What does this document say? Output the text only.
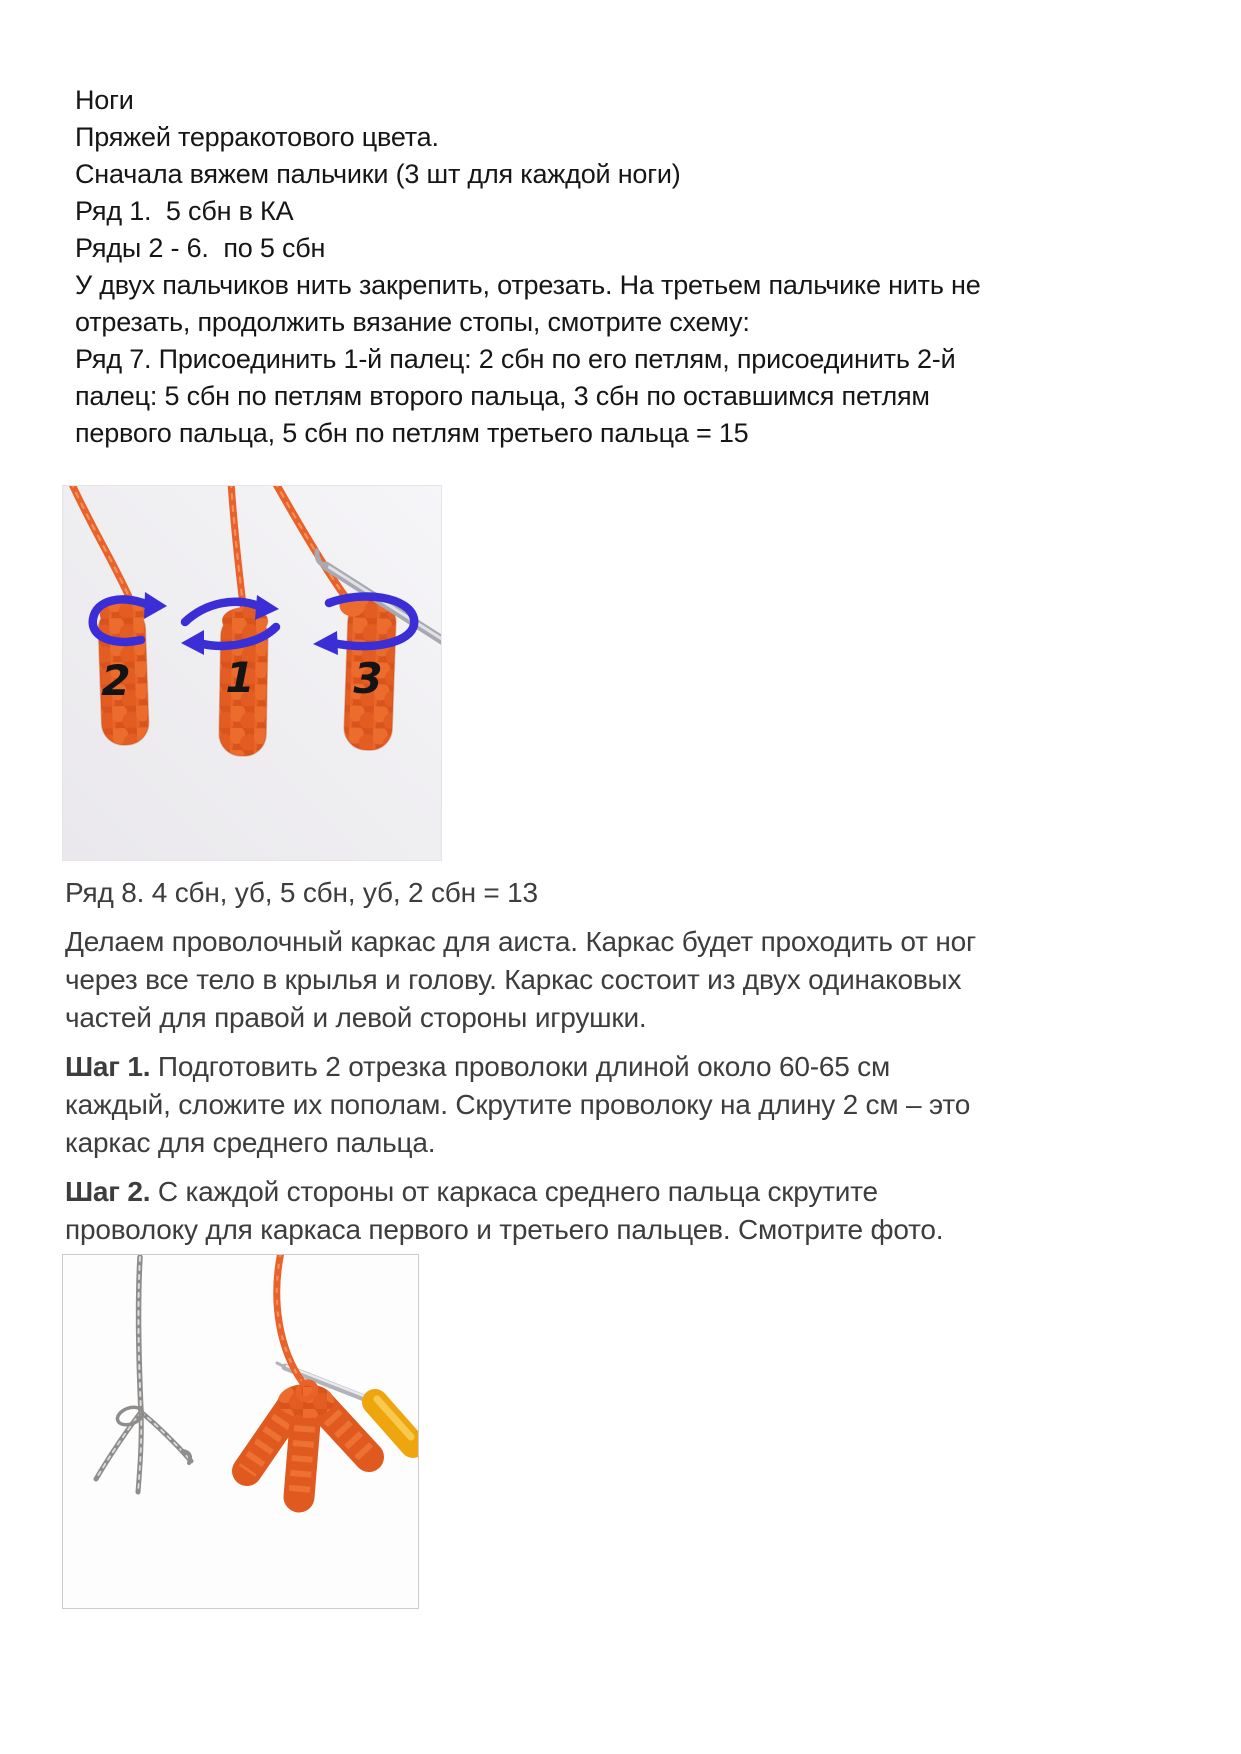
Ноги
Пряжей терракотового цвета.
Сначала вяжем пальчики (3 шт для каждой ноги)
Ряд 1.  5 сбн в КА
Ряды 2 - 6.  по 5 сбн
У двух пальчиков нить закрепить, отрезать. На третьем пальчике нить не
отрезать, продолжить вязание стопы, смотрите схему:
Ряд 7. Присоединить 1-й палец: 2 сбн по его петлям, присоединить 2-й
палец: 5 сбн по петлям второго пальца, 3 сбн по оставшимся петлям
первого пальца, 5 сбн по петлям третьего пальца = 15
2 1 3
Ряд 8. 4 сбн, уб, 5 сбн, уб, 2 сбн = 13
Делаем проволочный каркас для аиста. Каркас будет проходить от ног
через все тело в крылья и голову. Каркас состоит из двух одинаковых
частей для правой и левой стороны игрушки.
Шаг 1. Подготовить 2 отрезка проволоки длиной около 60-65 см
каждый, сложите их пополам. Скрутите проволоку на длину 2 см – это
каркас для среднего пальца.
Шаг 2. С каждой стороны от каркаса среднего пальца скрутите
проволоку для каркаса первого и третьего пальцев. Смотрите фото.
